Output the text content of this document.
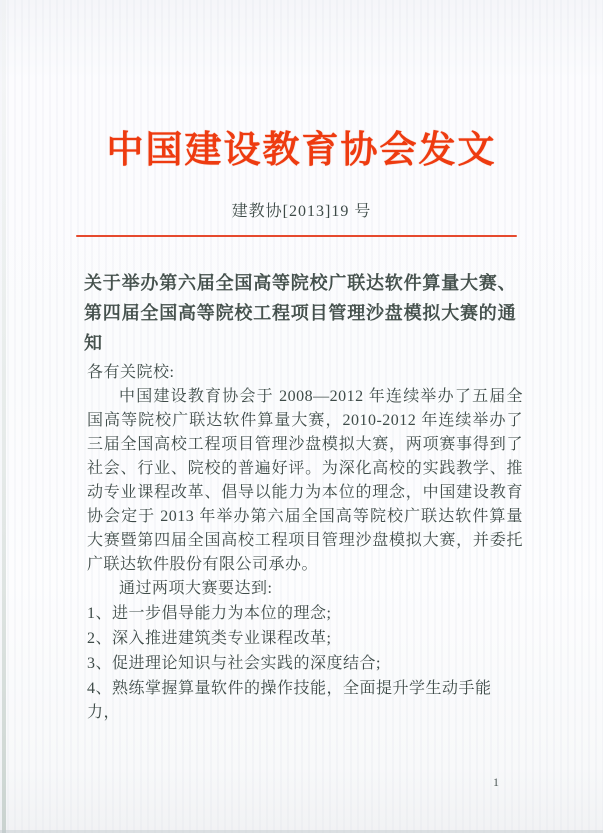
中国建设教育协会发文
建教协[2013]19 号
关于举办第六届全国高等院校广联达软件算量大赛、
第四届全国高等院校工程项目管理沙盘模拟大赛的通知

各有关院校:

中国建设教育协会于 2008—2012 年连续举办了五届全国高等院校广联达软件算量大赛，2010-2012 年连续举办了三届全国高校工程项目管理沙盘模拟大赛，两项赛事得到了社会、行业、院校的普遍好评。为深化高校的实践教学、推动专业课程改革、倡导以能力为本位的理念，中国建设教育协会定于 2013 年举办第六届全国高等院校广联达软件算量大赛暨第四届全国高校工程项目管理沙盘模拟大赛，并委托广联达软件股份有限公司承办。

通过两项大赛要达到:

1、进一步倡导能力为本位的理念;

2、深入推进建筑类专业课程改革;

3、促进理论知识与社会实践的深度结合;

4、熟练掌握算量软件的操作技能，全面提升学生动手能力，

1
